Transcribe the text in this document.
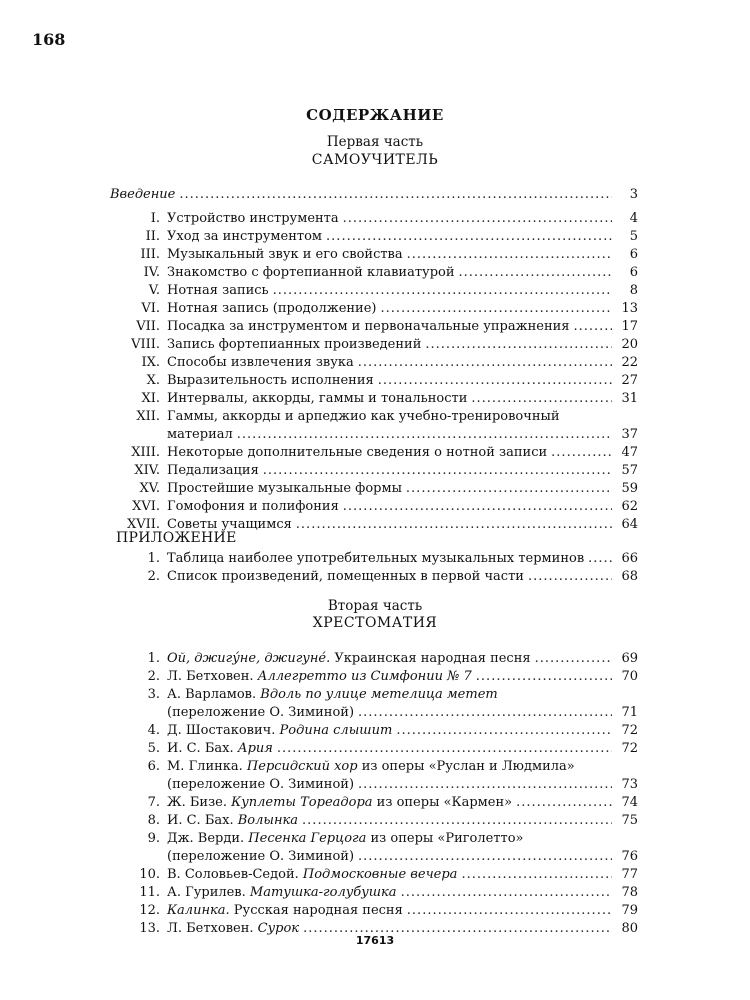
168
СОДЕРЖАНИЕ
Первая часть
САМОУЧИТЕЛЬ
Введение .....	3
I. Устройство инструмента .....	4
II. Уход за инструментом .....	5
III. Музыкальный звук и его свойства .....	6
IV. Знакомство с фортепианной клавиатурой .....	6
V. Нотная запись .....	8
VI. Нотная запись (продолжение) .....	13
VII. Посадка за инструментом и первоначальные упражнения .....	17
VIII. Запись фортепианных произведений .....	20
IX. Способы извлечения звука .....	22
X. Выразительность исполнения .....	27
XI. Интервалы, аккорды, гаммы и тональности .....	31
XII. Гаммы, аккорды и арпеджио как учебно-тренировочный
материал .....	37
XIII. Некоторые дополнительные сведения о нотной записи .....	47
XIV. Педализация .....	57
XV. Простейшие музыкальные формы .....	59
XVI. Гомофония и полифония .....	62
XVII. Советы учащимся .....	64
ПРИЛОЖЕНИЕ
1. Таблица наиболее употребительных музыкальных терминов .....	66
2. Список произведений, помещенных в первой части .....	68
Вторая часть
ХРЕСТОМАТИЯ
1. Ой, джигу́не, джигуне́. Украинская народная песня .....	69
2. Л. Бетховен. Аллегретто из Симфонии № 7 .....	70
3. А. Варламов. Вдоль по улице метелица метет
(переложение О. Зиминой) .....	71
4. Д. Шостакович. Родина слышит .....	72
5. И. С. Бах. Ария .....	72
6. М. Глинка. Персидский хор из оперы «Руслан и Людмила»
(переложение О. Зиминой) .....	73
7. Ж. Бизе. Куплеты Тореадора из оперы «Кармен» .....	74
8. И. С. Бах. Волынка .....	75
9. Дж. Верди. Песенка Герцога из оперы «Риголетто»
(переложение О. Зиминой) .....	76
10. В. Соловьев-Седой. Подмосковные вечера .....	77
11. А. Гурилев. Матушка-голубушка .....	78
12. Калинка. Русская народная песня .....	79
13. Л. Бетховен. Сурок .....	80
17613
